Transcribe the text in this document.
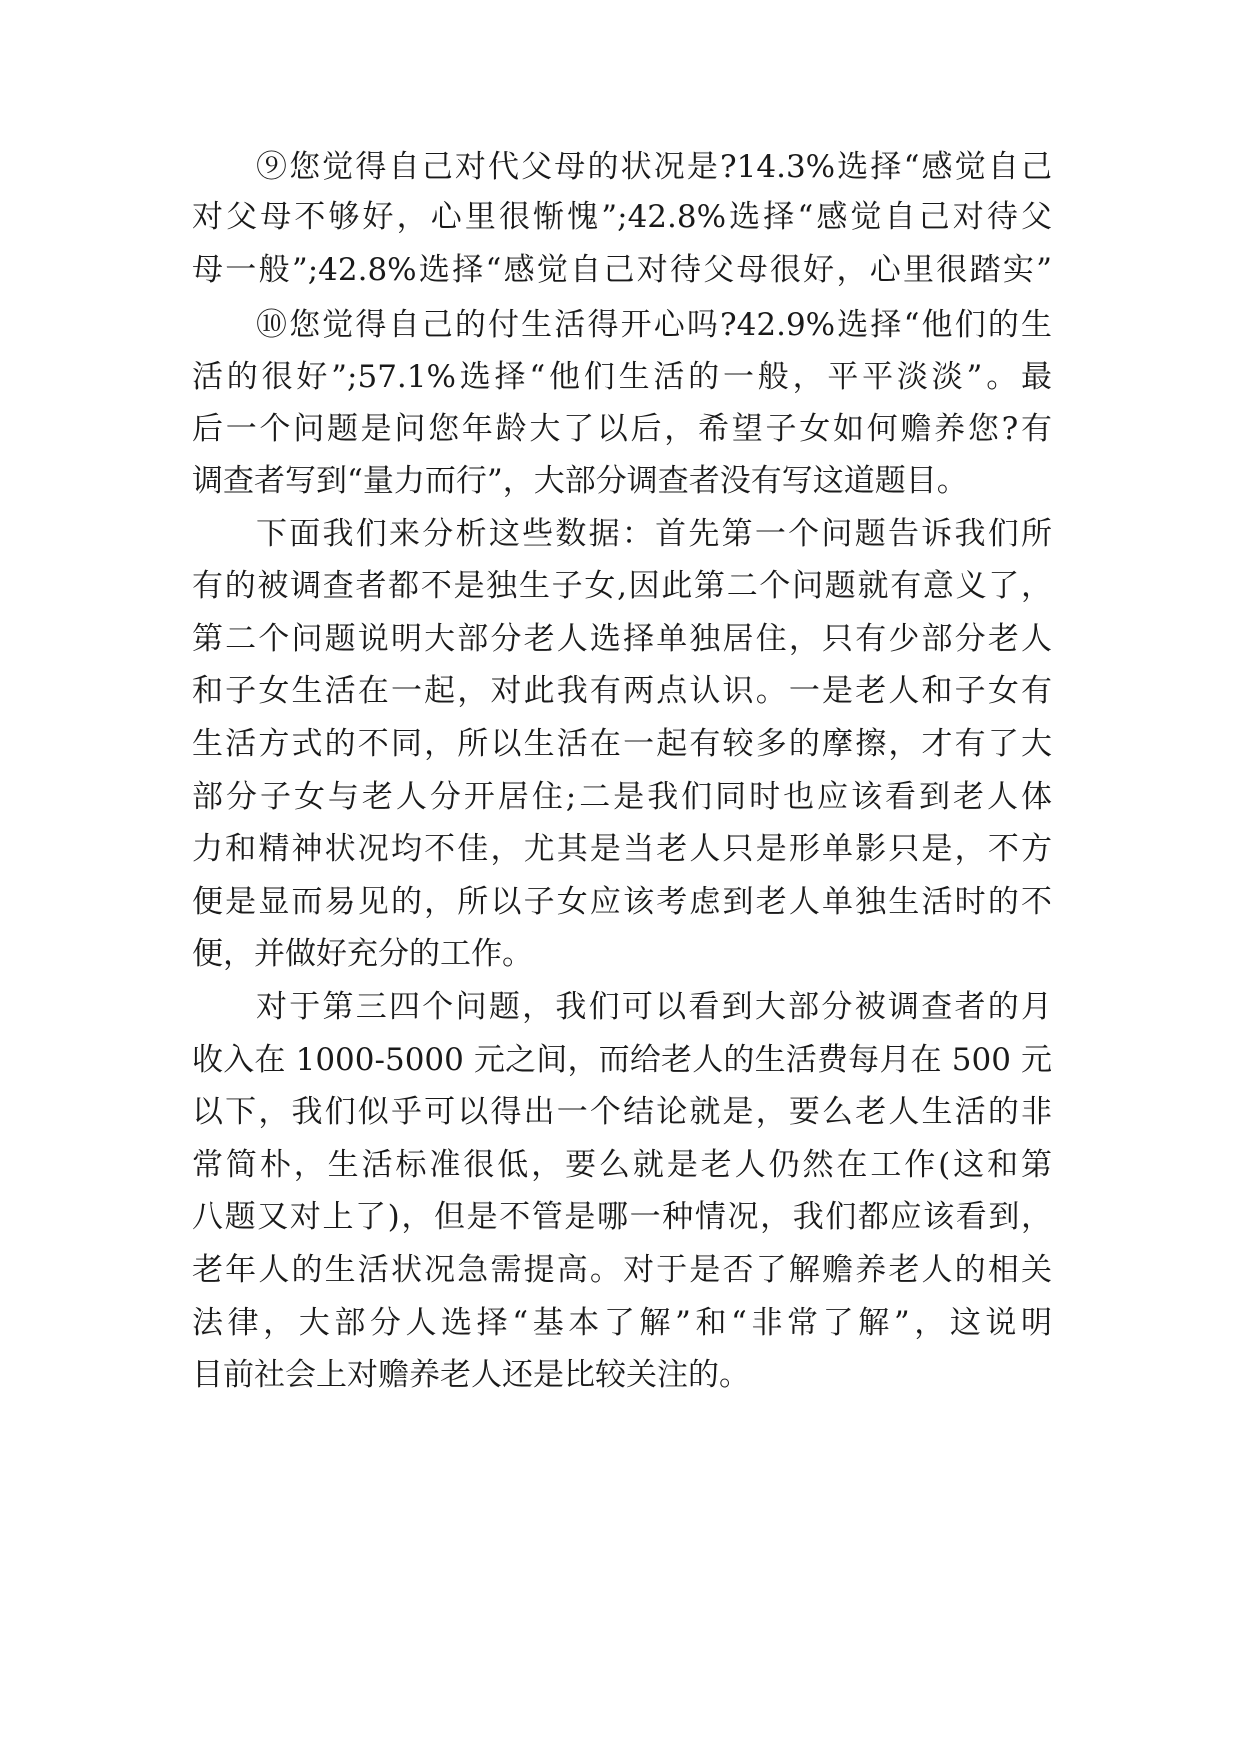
⑨您觉得自己对代父母的状况是?14.3%选择“感觉自己
对父母不够好，心里很惭愧”;42.8%选择“感觉自己对待父
母一般”;42.8%选择“感觉自己对待父母很好，心里很踏实”
⑩您觉得自己的付生活得开心吗?42.9%选择“他们的生
活的很好”;57.1%选择“他们生活的一般，平平淡淡”。最
后一个问题是问您年龄大了以后，希望子女如何赡养您?有
调查者写到“量力而行”，大部分调查者没有写这道题目。
下面我们来分析这些数据：首先第一个问题告诉我们所
有的被调查者都不是独生子女,因此第二个问题就有意义了，
第二个问题说明大部分老人选择单独居住，只有少部分老人
和子女生活在一起，对此我有两点认识。一是老人和子女有
生活方式的不同，所以生活在一起有较多的摩擦，才有了大
部分子女与老人分开居住;二是我们同时也应该看到老人体
力和精神状况均不佳，尤其是当老人只是形单影只是，不方
便是显而易见的，所以子女应该考虑到老人单独生活时的不
便，并做好充分的工作。
对于第三四个问题，我们可以看到大部分被调查者的月
收入在 1000-5000 元之间，而给老人的生活费每月在 500 元
以下，我们似乎可以得出一个结论就是，要么老人生活的非
常简朴，生活标准很低，要么就是老人仍然在工作(这和第
八题又对上了)，但是不管是哪一种情况，我们都应该看到，
老年人的生活状况急需提高。对于是否了解赡养老人的相关
法律，大部分人选择“基本了解”和“非常了解”，这说明
目前社会上对赡养老人还是比较关注的。
